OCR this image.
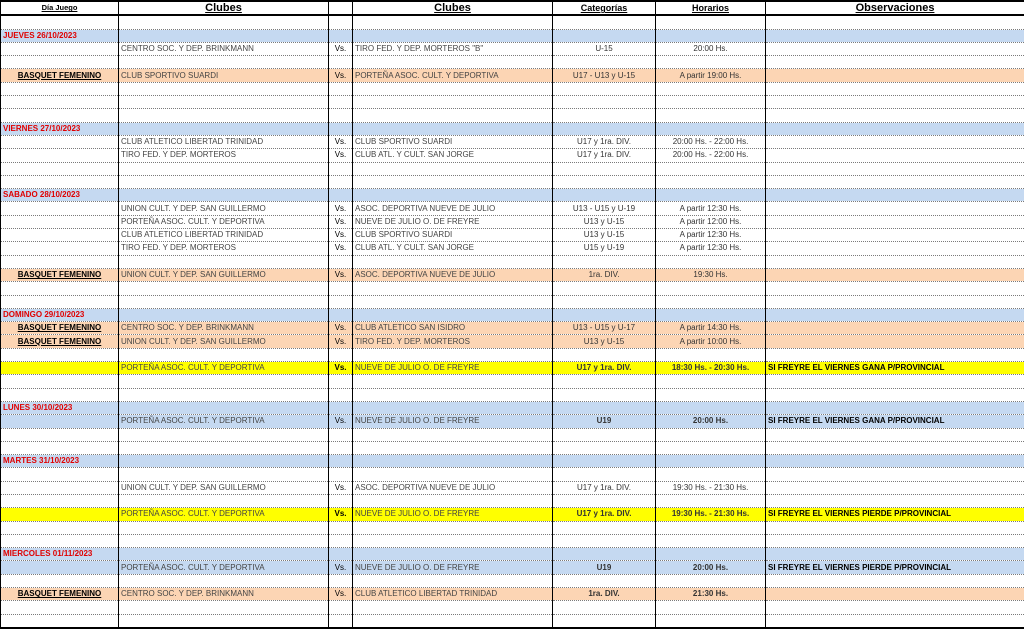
Día Juego	Clubes		Clubes	Categorías	Horarios	Observaciones

JUEVES 26/10/2023						
	CENTRO SOC. Y DEP. BRINKMANN	Vs.	TIRO FED. Y DEP. MORTEROS "B"	U-15	20:00 Hs.	

BASQUET FEMENINO	CLUB SPORTIVO SUARDI	Vs.	PORTEÑA ASOC. CULT. Y DEPORTIVA	U17 - U13 y U-15	A partir 19:00 Hs.	

VIERNES 27/10/2023						
	CLUB ATLETICO LIBERTAD TRINIDAD	Vs.	CLUB SPORTIVO SUARDI	U17 y 1ra. DIV.	20:00 Hs. - 22:00 Hs.	
	TIRO FED. Y DEP. MORTEROS	Vs.	CLUB ATL. Y CULT. SAN JORGE	U17 y 1ra. DIV.	20:00 Hs. - 22:00 Hs.	

SABADO 28/10/2023						
	UNION CULT. Y DEP. SAN GUILLERMO	Vs.	ASOC. DEPORTIVA NUEVE DE JULIO	U13 - U15 y U-19	A partir 12:30 Hs.	
	PORTEÑA ASOC. CULT. Y DEPORTIVA	Vs.	NUEVE DE JULIO O. DE FREYRE	U13 y U-15	A partir 12:00 Hs.	
	CLUB ATLETICO LIBERTAD TRINIDAD	Vs.	CLUB SPORTIVO SUARDI	U13 y U-15	A partir 12:30 Hs.	
	TIRO FED. Y DEP. MORTEROS	Vs.	CLUB ATL. Y CULT. SAN JORGE	U15 y U-19	A partir 12:30 Hs.	

BASQUET FEMENINO	UNION CULT. Y DEP. SAN GUILLERMO	Vs.	ASOC. DEPORTIVA NUEVE DE JULIO	1ra. DIV.	19:30 Hs.	

DOMINGO 29/10/2023						
BASQUET FEMENINO	CENTRO SOC. Y DEP. BRINKMANN	Vs.	CLUB ATLETICO SAN ISIDRO	U13 - U15 y U-17	A partir 14:30 Hs.	
BASQUET FEMENINO	UNION CULT. Y DEP. SAN GUILLERMO	Vs.	TIRO FED. Y DEP. MORTEROS	U13 y U-15	A partir 10:00 Hs.	

	PORTEÑA ASOC. CULT. Y DEPORTIVA	Vs.	NUEVE DE JULIO O. DE FREYRE	U17 y 1ra. DIV.	18:30 Hs. - 20:30 Hs.	SI FREYRE EL VIERNES GANA P/PROVINCIAL

LUNES 30/10/2023						
	PORTEÑA ASOC. CULT. Y DEPORTIVA	Vs.	NUEVE DE JULIO O. DE FREYRE	U19	20:00 Hs.	SI FREYRE EL VIERNES GANA P/PROVINCIAL

MARTES 31/10/2023						

	UNION CULT. Y DEP. SAN GUILLERMO	Vs.	ASOC. DEPORTIVA NUEVE DE JULIO	U17 y 1ra. DIV.	19:30 Hs. - 21:30 Hs.	

	PORTEÑA ASOC. CULT. Y DEPORTIVA	Vs.	NUEVE DE JULIO O. DE FREYRE	U17 y 1ra. DIV.	19:30 Hs. - 21:30 Hs.	SI FREYRE EL VIERNES PIERDE P/PROVINCIAL

MIERCOLES 01/11/2023						
	PORTEÑA ASOC. CULT. Y DEPORTIVA	Vs.	NUEVE DE JULIO O. DE FREYRE	U19	20:00 Hs.	SI FREYRE EL VIERNES PIERDE P/PROVINCIAL

BASQUET FEMENINO	CENTRO SOC. Y DEP. BRINKMANN	Vs.	CLUB ATLETICO LIBERTAD TRINIDAD	1ra. DIV.	21:30 Hs.	
